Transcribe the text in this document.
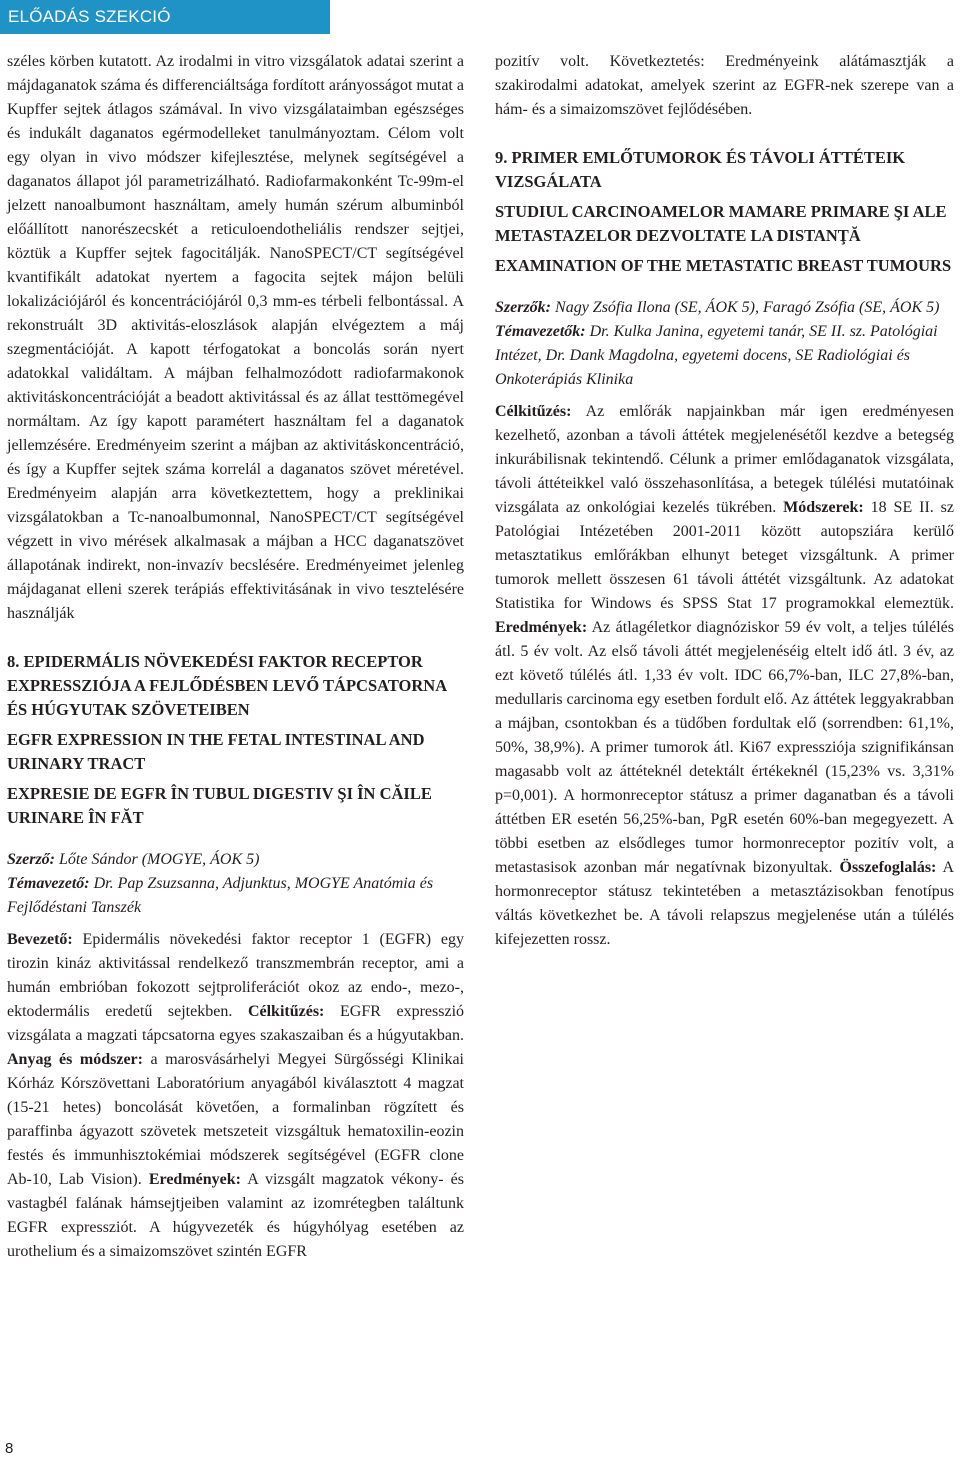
ELŐADÁS SZEKCIÓ

széles körben kutatott. Az irodalmi in vitro vizsgálatok adatai szerint a májdaganatok száma és differenciáltsága fordított arányosságot mutat a Kupffer sejtek átlagos számával. In vivo vizsgálataimban egészséges és indukált daganatos egérmodelleket tanulmányoztam. Célom volt egy olyan in vivo módszer kifejlesztése, melynek segítségével a daganatos állapot jól parametrizálható. Radiofarmakonként Tc-99m-el jelzett nanoalbumont használtam, amely humán szérum albuminból előállított nanorészecskét a reticuloendotheliális rendszer sejtjei, köztük a Kupffer sejtek fagocitálják. NanoSPECT/CT segítségével kvantifikált adatokat nyertem a fagocita sejtek májon belüli lokalizációjáról és koncentrációjáról 0,3 mm-es térbeli felbontással. A rekonstruált 3D aktivitás-eloszlások alapján elvégeztem a máj szegmentációját. A kapott térfogatokat a boncolás során nyert adatokkal validáltam. A májban felhalmozódott radiofarmakonok aktivitáskoncentrációját a beadott aktivitással és az állat testtömegével normáltam. Az így kapott paramétert használtam fel a daganatok jellemzésére. Eredményeim szerint a májban az aktivitáskoncentráció, és így a Kupffer sejtek száma korrelál a daganatos szövet méretével. Eredményeim alapján arra következtettem, hogy a preklinikai vizsgálatokban a Tc-nanoalbumonnal, NanoSPECT/CT segítségével végzett in vivo mérések alkalmasak a májban a HCC daganatszövet állapotának indirekt, non-invazív becslésére. Eredményeimet jelenleg májdaganat elleni szerek terápiás effektivitásának in vivo tesztelésére használják

8. EPIDERMÁLIS NÖVEKEDÉSI FAKTOR RECEPTOR EXPRESSZIÓJA A FEJLŐDÉSBEN LEVŐ TÁPCSATORNA ÉS HÚGYUTAK SZÖVETEIBEN

EGFR EXPRESSION IN THE FETAL INTESTINAL AND URINARY TRACT

EXPRESIE DE EGFR ÎN TUBUL DIGESTIV ŞI ÎN CĂILE URINARE ÎN FĂT

Szerző: Lőte Sándor (MOGYE, ÁOK 5)

Témavezető: Dr. Pap Zsuzsanna, Adjunktus, MOGYE Anatómia és Fejlődéstani Tanszék

Bevezető: Epidermális növekedési faktor receptor 1 (EGFR) egy tirozin kináz aktivitással rendelkező transzmembrán receptor, ami a humán embrióban fokozott sejtproliferációt okoz az endo-, mezo-, ektodermális eredetű sejtekben. Célkitűzés: EGFR expresszió vizsgálata a magzati tápcsatorna egyes szakaszaiban és a húgyutakban. Anyag és módszer: a marosvásárhelyi Megyei Sürgősségi Klinikai Kórház Kórszövettani Laboratórium anyagából kiválasztott 4 magzat (15-21 hetes) boncolását követően, a formalinban rögzített és paraffinba ágyazott szövetek metszeteit vizsgáltuk hematoxilin-eozin festés és immunhisztokémiai módszerek segítségével (EGFR clone Ab-10, Lab Vision). Eredmények: A vizsgált magzatok vékony- és vastagbél falának hámsejtjeiben valamint az izomrétegben találtunk EGFR expressziót. A húgyvezeték és húgyhólyag esetében az urothelium és a simaizomszövet szintén EGFR

pozitív volt. Következtetés: Eredményeink alátámasztják a szakirodalmi adatokat, amelyek szerint az EGFR-nek szerepe van a hám- és a simaizomszövet fejlődésében.

9. PRIMER EMLŐTUMOROK ÉS TÁVOLI ÁTTÉTEIK VIZSGÁLATA

STUDIUL CARCINOAMELOR MAMARE PRIMARE ŞI ALE METASTAZELOR DEZVOLTATE LA DISTANŢĂ

EXAMINATION OF THE METASTATIC BREAST TUMOURS

Szerzők: Nagy Zsófia Ilona (SE, ÁOK 5), Faragó Zsófia (SE, ÁOK 5)

Témavezetők: Dr. Kulka Janina, egyetemi tanár, SE II. sz. Patológiai Intézet, Dr. Dank Magdolna, egyetemi docens, SE Radiológiai és Onkoterápiás Klinika

Célkitűzés: Az emlőrák napjainkban már igen eredményesen kezelhető, azonban a távoli áttétek megjelenésétől kezdve a betegség inkurábilisnak tekintendő. Célunk a primer emlődaganatok vizsgálata, távoli áttéteikkel való összehasonlítása, a betegek túlélési mutatóinak vizsgálata az onkológiai kezelés tükrében. Módszerek: 18 SE II. sz Patológiai Intézetében 2001-2011 között autopsziára kerülő metasztatikus emlőrákban elhunyt beteget vizsgáltunk. A primer tumorok mellett összesen 61 távoli áttétét vizsgáltunk. Az adatokat Statistika for Windows és SPSS Stat 17 programokkal elemeztük. Eredmények: Az átlagéletkor diagnóziskor 59 év volt, a teljes túlélés átl. 5 év volt. Az első távoli áttét megjelenéséig eltelt idő átl. 3 év, az ezt követő túlélés átl. 1,33 év volt. IDC 66,7%-ban, ILC 27,8%-ban, medullaris carcinoma egy esetben fordult elő. Az áttétek leggyakrabban a májban, csontokban és a tüdőben fordultak elő (sorrendben: 61,1%, 50%, 38,9%). A primer tumorok átl. Ki67 expressziója szignifikánsan magasabb volt az áttéteknél detektált értékeknél (15,23% vs. 3,31% p=0,001). A hormonreceptor státusz a primer daganatban és a távoli áttétben ER esetén 56,25%-ban, PgR esetén 60%-ban megegyezett. A többi esetben az elsődleges tumor hormonreceptor pozitív volt, a metastasisok azonban már negatívnak bizonyultak. Összefoglalás: A hormonreceptor státusz tekintetében a metasztázisokban fenotípus váltás következhet be. A távoli relapszus megjelenése után a túlélés kifejezetten rossz.

8
